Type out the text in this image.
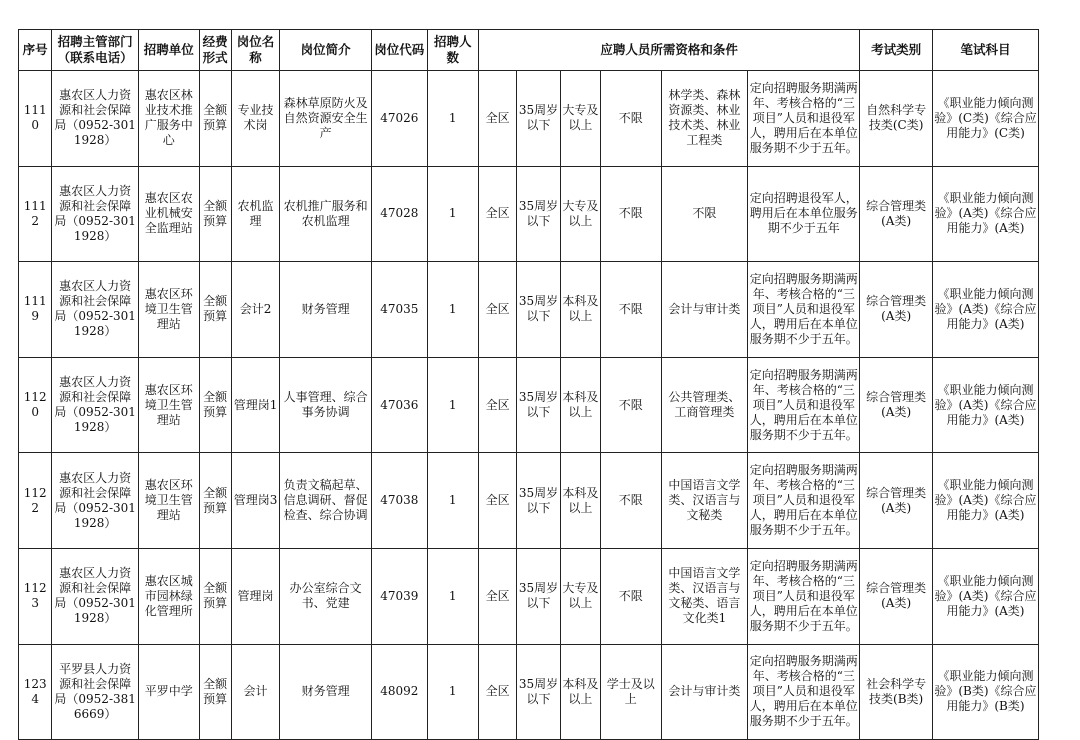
序号	招聘主管部门（联系电话）	招聘单位	经费形式	岗位名称	岗位简介	岗位代码	招聘人数	应聘人员所需资格和条件						考试类别	笔试科目
1110	惠农区人力资源和社会保障局（0952-3011928）	惠农区林业技术推广服务中心	全额预算	专业技术岗	森林草原防火及自然资源安全生产	47026	1	全区	35周岁以下	大专及以上	不限	林学类、森林资源类、林业技术类、林业工程类	定向招聘服务期满两年、考核合格的“三项目”人员和退役军人，聘用后在本单位服务期不少于五年。	自然科学专技类(C类)	《职业能力倾向测验》(C类)《综合应用能力》(C类)
1112	惠农区人力资源和社会保障局（0952-3011928）	惠农区农业机械安全监理站	全额预算	农机监理	农机推广服务和农机监理	47028	1	全区	35周岁以下	大专及以上	不限	不限	定向招聘退役军人，聘用后在本单位服务期不少于五年	综合管理类(A类)	《职业能力倾向测验》(A类)《综合应用能力》(A类)
1119	惠农区人力资源和社会保障局（0952-3011928）	惠农区环境卫生管理站	全额预算	会计2	财务管理	47035	1	全区	35周岁以下	本科及以上	不限	会计与审计类	定向招聘服务期满两年、考核合格的“三项目”人员和退役军人，聘用后在本单位服务期不少于五年。	综合管理类(A类)	《职业能力倾向测验》(A类)《综合应用能力》(A类)
1120	惠农区人力资源和社会保障局（0952-3011928）	惠农区环境卫生管理站	全额预算	管理岗1	人事管理、综合事务协调	47036	1	全区	35周岁以下	本科及以上	不限	公共管理类、工商管理类	定向招聘服务期满两年、考核合格的“三项目”人员和退役军人，聘用后在本单位服务期不少于五年。	综合管理类(A类)	《职业能力倾向测验》(A类)《综合应用能力》(A类)
1122	惠农区人力资源和社会保障局（0952-3011928）	惠农区环境卫生管理站	全额预算	管理岗3	负责文稿起草、信息调研、督促检查、综合协调	47038	1	全区	35周岁以下	本科及以上	不限	中国语言文学类、汉语言与文秘类	定向招聘服务期满两年、考核合格的“三项目”人员和退役军人，聘用后在本单位服务期不少于五年。	综合管理类(A类)	《职业能力倾向测验》(A类)《综合应用能力》(A类)
1123	惠农区人力资源和社会保障局（0952-3011928）	惠农区城市园林绿化管理所	全额预算	管理岗	办公室综合文书、党建	47039	1	全区	35周岁以下	大专及以上	不限	中国语言文学类、汉语言与文秘类、语言文化类1	定向招聘服务期满两年、考核合格的“三项目”人员和退役军人，聘用后在本单位服务期不少于五年。	综合管理类(A类)	《职业能力倾向测验》(A类)《综合应用能力》(A类)
1234	平罗县人力资源和社会保障局（0952-3816669）	平罗中学	全额预算	会计	财务管理	48092	1	全区	35周岁以下	本科及以上	学士及以上	会计与审计类	定向招聘服务期满两年、考核合格的“三项目”人员和退役军人，聘用后在本单位服务期不少于五年。	社会科学专技类(B类)	《职业能力倾向测验》(B类)《综合应用能力》(B类)
